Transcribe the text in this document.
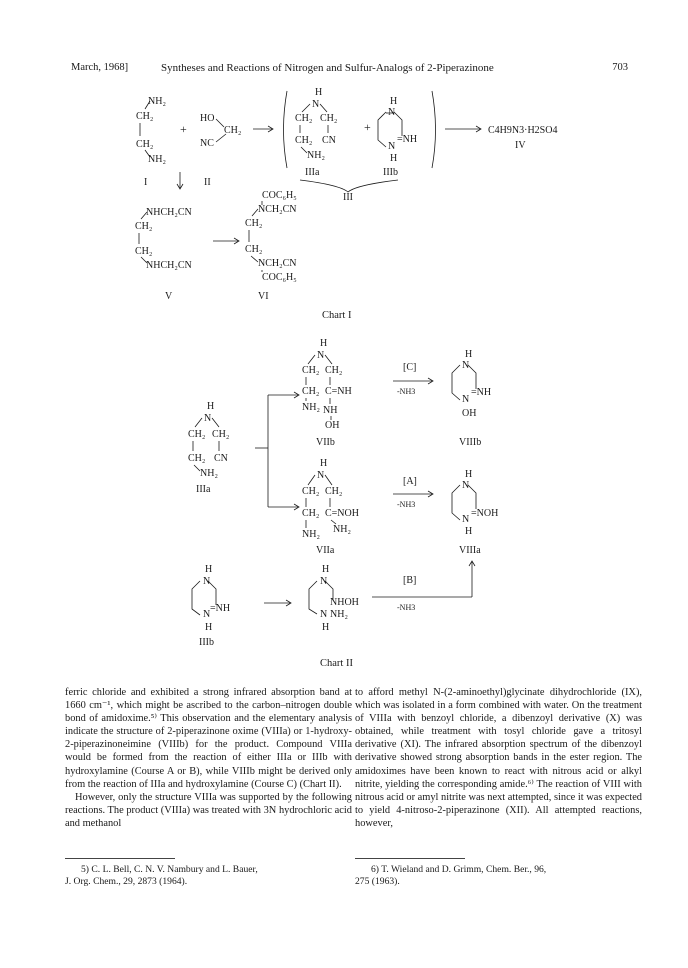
March, 1968]	Syntheses and Reactions of Nitrogen and Sulfur-Analogs of 2-Piperazinone	703
NH₂
CH₂
CH₂
NH₂
+
HO
CH₂
NC
H
N
CH₂ CH₂
CH₂ CN
NH₂
+
H
N
=NH
N
H
C4H9N3·H2SO4
IV
I	II
IIIa	IIIb
III
NHCH₂CN
CH₂
CH₂
NHCH₂CN
V
COC₆H₅
NCH₂CN
CH₂
CH₂
NCH₂CN
COC₆H₅
VI
H
N
CH₂ CH₂
CH₂ CN
NH₂
IIIa
H
N
CH₂ CH₂
CH₂ C=NH
NH₂ NH
OH
VIIb
[C]
-NH3
H
N
=NH
N
OH
VIIIb
H
N
CH₂ CH₂
CH₂ C=NOH
NH₂ NH₂
VIIa
[A]
-NH3
H
N
=NOH
N
H
VIIIa
H
N
=NH
N
H
IIIb
H
N
NHOH
NH₂
N
H
[B]
-NH3
Chart I
Chart II

ferric chloride and exhibited a strong infrared absorption band at 1660 cm⁻¹, which might be ascribed to the carbon–nitrogen double bond of amidoxime.⁵⁾ This observation and the elementary analysis indicate the structure of 2-piperazinone oxime (VIIIa) or 1-hydroxy-2-piperazinoneimine (VIIIb) for the product. Compound VIIIa would be formed from the reaction of either IIIa or IIIb with hydroxylamine (Course A or B), while VIIIb might be derived only from the reaction of IIIa and hydroxylamine (Course C) (Chart II).

However, only the structure VIIIa was supported by the following reactions. The product (VIIIa) was treated with 3N hydrochloric acid and methanol

to afford methyl N-(2-aminoethyl)glycinate dihydrochloride (IX), which was isolated in a form combined with water. On the treatment of VIIIa with benzoyl chloride, a dibenzoyl derivative (X) was obtained, while treatment with tosyl chloride gave a tritosyl derivative (XI). The infrared absorption spectrum of the dibenzoyl derivative showed strong absorption bands in the ester region. The amidoximes have been known to react with nitrous acid or alkyl nitrite, yielding the corresponding amide.⁶⁾ The reaction of VIII with nitrous acid or amyl nitrite was next attempted, since it was expected to yield 4-nitroso-2-piperazinone (XII). All attempted reactions, however,

5) C. L. Bell, C. N. V. Nambury and L. Bauer,
J. Org. Chem., 29, 2873 (1964).
6) T. Wieland and D. Grimm, Chem. Ber., 96,
275 (1963).
